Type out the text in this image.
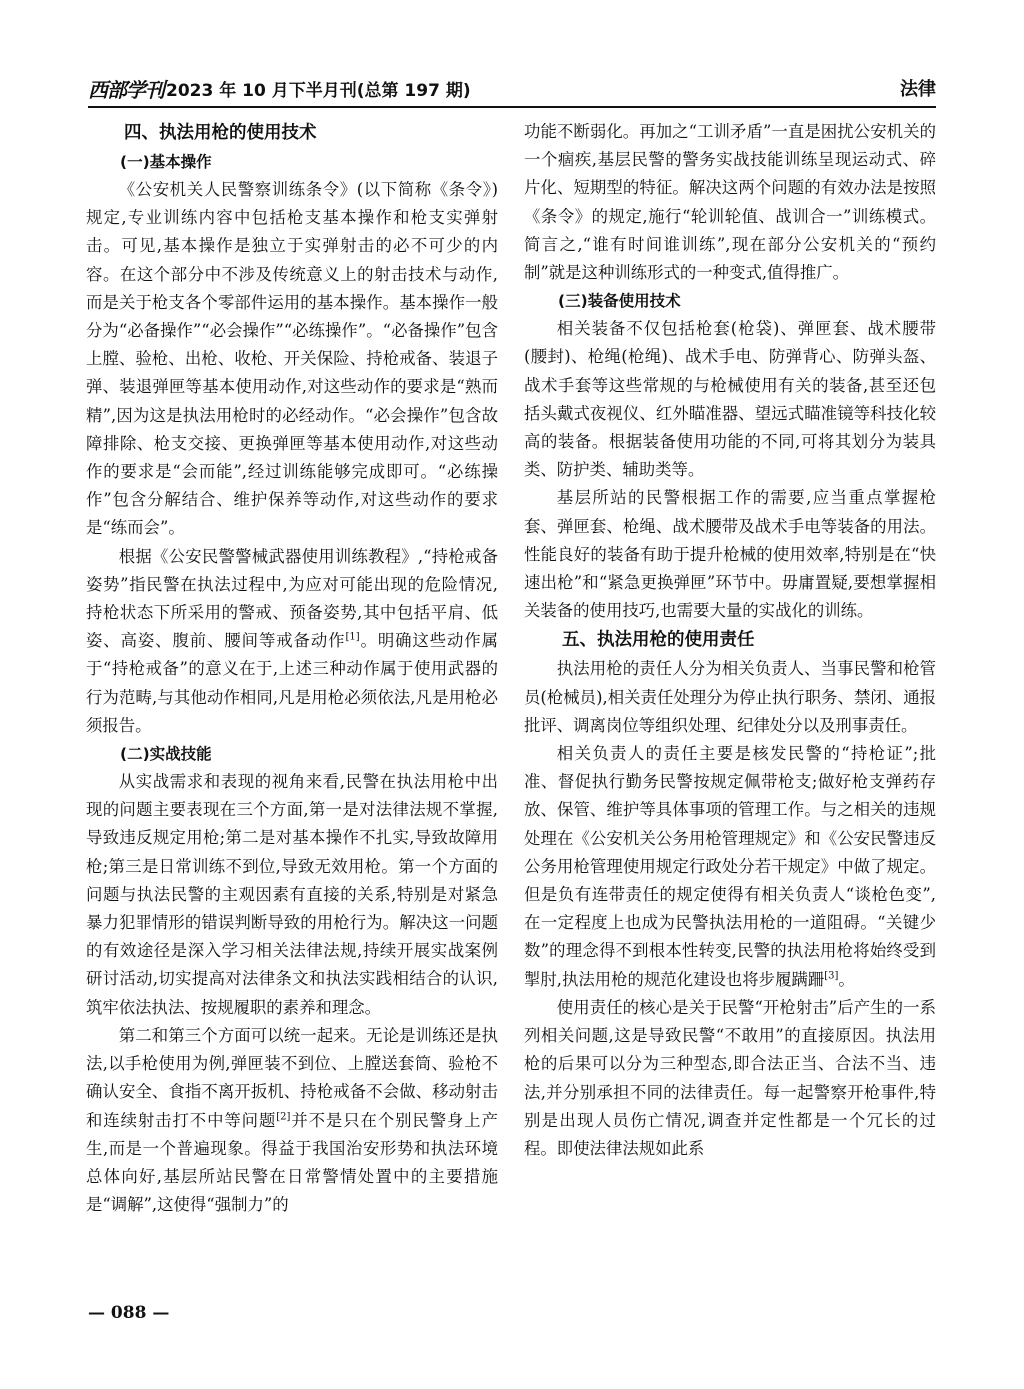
西部学刊 2023 年 10 月下半月刊(总第 197 期)	法律
四、执法用枪的使用技术
(一)基本操作

《公安机关人民警察训练条令》(以下简称《条令》)规定,专业训练内容中包括枪支基本操作和枪支实弹射击。可见,基本操作是独立于实弹射击的必不可少的内容。在这个部分中不涉及传统意义上的射击技术与动作,而是关于枪支各个零部件运用的基本操作。基本操作一般分为“必备操作”“必会操作”“必练操作”。“必备操作”包含上膛、验枪、出枪、收枪、开关保险、持枪戒备、装退子弹、装退弹匣等基本使用动作,对这些动作的要求是“熟而精”,因为这是执法用枪时的必经动作。“必会操作”包含故障排除、枪支交接、更换弹匣等基本使用动作,对这些动作的要求是“会而能”,经过训练能够完成即可。“必练操作”包含分解结合、维护保养等动作,对这些动作的要求是“练而会”。

根据《公安民警警械武器使用训练教程》,“持枪戒备姿势”指民警在执法过程中,为应对可能出现的危险情况,持枪状态下所采用的警戒、预备姿势,其中包括平肩、低姿、高姿、腹前、腰间等戒备动作[1]。明确这些动作属于“持枪戒备”的意义在于,上述三种动作属于使用武器的行为范畴,与其他动作相同,凡是用枪必须依法,凡是用枪必须报告。

(二)实战技能

从实战需求和表现的视角来看,民警在执法用枪中出现的问题主要表现在三个方面,第一是对法律法规不掌握,导致违反规定用枪;第二是对基本操作不扎实,导致故障用枪;第三是日常训练不到位,导致无效用枪。第一个方面的问题与执法民警的主观因素有直接的关系,特别是对紧急暴力犯罪情形的错误判断导致的用枪行为。解决这一问题的有效途径是深入学习相关法律法规,持续开展实战案例研讨活动,切实提高对法律条文和执法实践相结合的认识,筑牢依法执法、按规履职的素养和理念。

第二和第三个方面可以统一起来。无论是训练还是执法,以手枪使用为例,弹匣装不到位、上膛送套筒、验枪不确认安全、食指不离开扳机、持枪戒备不会做、移动射击和连续射击打不中等问题[2]并不是只在个别民警身上产生,而是一个普遍现象。得益于我国治安形势和执法环境总体向好,基层所站民警在日常警情处置中的主要措施是“调解”,这使得“强制力”的

功能不断弱化。再加之“工训矛盾”一直是困扰公安机关的一个痼疾,基层民警的警务实战技能训练呈现运动式、碎片化、短期型的特征。解决这两个问题的有效办法是按照《条令》的规定,施行“轮训轮值、战训合一”训练模式。简言之,“谁有时间谁训练”,现在部分公安机关的“预约制”就是这种训练形式的一种变式,值得推广。

(三)装备使用技术

相关装备不仅包括枪套(枪袋)、弹匣套、战术腰带(腰封)、枪绳(枪绳)、战术手电、防弹背心、防弹头盔、战术手套等这些常规的与枪械使用有关的装备,甚至还包括头戴式夜视仪、红外瞄准器、望远式瞄准镜等科技化较高的装备。根据装备使用功能的不同,可将其划分为装具类、防护类、辅助类等。

基层所站的民警根据工作的需要,应当重点掌握枪套、弹匣套、枪绳、战术腰带及战术手电等装备的用法。性能良好的装备有助于提升枪械的使用效率,特别是在“快速出枪”和“紧急更换弹匣”环节中。毋庸置疑,要想掌握相关装备的使用技巧,也需要大量的实战化的训练。

五、执法用枪的使用责任

执法用枪的责任人分为相关负责人、当事民警和枪管员(枪械员),相关责任处理分为停止执行职务、禁闭、通报批评、调离岗位等组织处理、纪律处分以及刑事责任。

相关负责人的责任主要是核发民警的“持枪证”;批准、督促执行勤务民警按规定佩带枪支;做好枪支弹药存放、保管、维护等具体事项的管理工作。与之相关的违规处理在《公安机关公务用枪管理规定》和《公安民警违反公务用枪管理使用规定行政处分若干规定》中做了规定。但是负有连带责任的规定使得有相关负责人“谈枪色变”,在一定程度上也成为民警执法用枪的一道阻碍。“关键少数”的理念得不到根本性转变,民警的执法用枪将始终受到掣肘,执法用枪的规范化建设也将步履蹒跚[3]。

使用责任的核心是关于民警“开枪射击”后产生的一系列相关问题,这是导致民警“不敢用”的直接原因。执法用枪的后果可以分为三种型态,即合法正当、合法不当、违法,并分别承担不同的法律责任。每一起警察开枪事件,特别是出现人员伤亡情况,调查并定性都是一个冗长的过程。即使法律法规如此系

— 088 —
